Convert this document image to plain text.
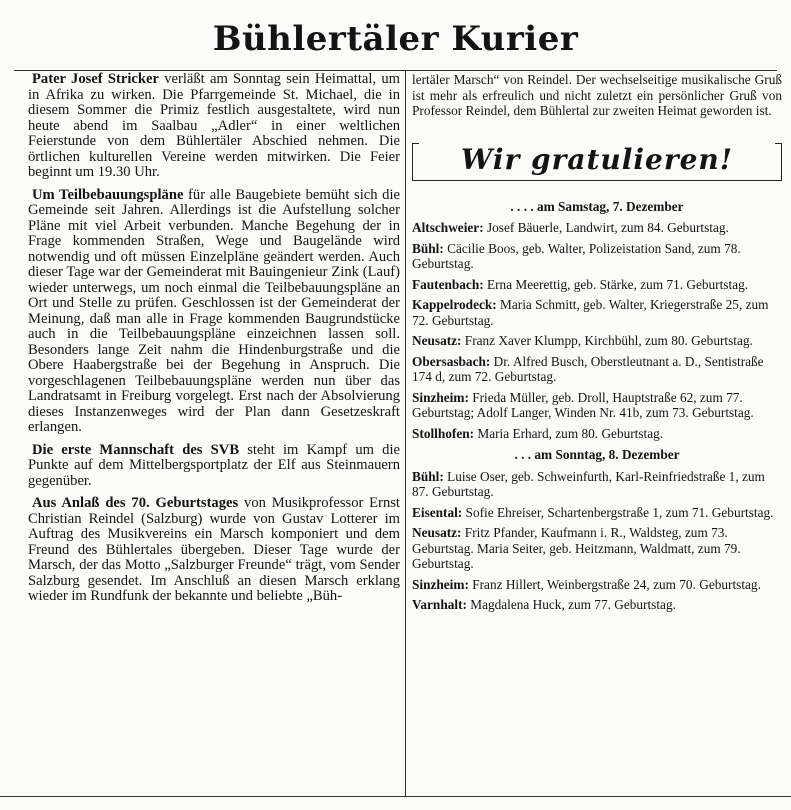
Bühlertäler Kurier

Pater Josef Stricker verläßt am Sonntag sein Heimattal, um in Afrika zu wirken. Die Pfarrgemeinde St. Michael, die in diesem Sommer die Primiz festlich ausgestaltete, wird nun heute abend im Saalbau „Adler“ in einer weltlichen Feierstunde von dem Bühlertäler Abschied nehmen. Die örtlichen kulturellen Vereine werden mitwirken. Die Feier beginnt um 19.30 Uhr.

Um Teilbebauungspläne für alle Baugebiete bemüht sich die Gemeinde seit Jahren. Allerdings ist die Aufstellung solcher Pläne mit viel Arbeit verbunden. Manche Begehung der in Frage kommenden Straßen, Wege und Baugelände wird notwendig und oft müssen Einzelpläne geändert werden. Auch dieser Tage war der Gemeinderat mit Bauingenieur Zink (Lauf) wieder unterwegs, um noch einmal die Teilbebauungspläne an Ort und Stelle zu prüfen. Geschlossen ist der Gemeinderat der Meinung, daß man alle in Frage kommenden Baugrundstücke auch in die Teilbebauungspläne einzeichnen lassen soll. Besonders lange Zeit nahm die Hindenburgstraße und die Obere Haabergstraße bei der Begehung in Anspruch. Die vorgeschlagenen Teilbebauungspläne werden nun über das Landratsamt in Freiburg vorgelegt. Erst nach der Absolvierung dieses Instanzenweges wird der Plan dann Gesetzeskraft erlangen.

Die erste Mannschaft des SVB steht im Kampf um die Punkte auf dem Mittelbergsportplatz der Elf aus Steinmauern gegenüber.

Aus Anlaß des 70. Geburtstages von Musikprofessor Ernst Christian Reindel (Salzburg) wurde von Gustav Lotterer im Auftrag des Musikvereins ein Marsch komponiert und dem Freund des Bühlertales übergeben. Dieser Tage wurde der Marsch, der das Motto „Salzburger Freunde“ trägt, vom Sender Salzburg gesendet. Im Anschluß an diesen Marsch erklang wieder im Rundfunk der bekannte und beliebte „Büh-

lertäler Marsch“ von Reindel. Der wechselseitige musikalische Gruß ist mehr als erfreulich und nicht zuletzt ein persönlicher Gruß von Professor Reindel, dem Bühlertal zur zweiten Heimat geworden ist.

Wir gratulieren!
. . . . am Samstag, 7. Dezember
Altschweier: Josef Bäuerle, Landwirt, zum 84. Geburtstag.
Bühl: Cäcilie Boos, geb. Walter, Polizeistation Sand, zum 78. Geburtstag.
Fautenbach: Erna Meerettig, geb. Stärke, zum 71. Geburtstag.
Kappelrodeck: Maria Schmitt, geb. Walter, Kriegerstraße 25, zum 72. Geburtstag.
Neusatz: Franz Xaver Klumpp, Kirchbühl, zum 80. Geburtstag.
Obersasbach: Dr. Alfred Busch, Oberstleutnant a. D., Sentistraße 174 d, zum 72. Geburtstag.
Sinzheim: Frieda Müller, geb. Droll, Hauptstraße 62, zum 77. Geburtstag; Adolf Langer, Winden Nr. 41b, zum 73. Geburtstag.
Stollhofen: Maria Erhard, zum 80. Geburtstag.
. . . am Sonntag, 8. Dezember
Bühl: Luise Oser, geb. Schweinfurth, Karl-Reinfriedstraße 1, zum 87. Geburtstag.
Eisental: Sofie Ehreiser, Schartenbergstraße 1, zum 71. Geburtstag.
Neusatz: Fritz Pfander, Kaufmann i. R., Waldsteg, zum 73. Geburtstag. Maria Seiter, geb. Heitzmann, Waldmatt, zum 79. Geburtstag.
Sinzheim: Franz Hillert, Weinbergstraße 24, zum 70. Geburtstag.
Varnhalt: Magdalena Huck, zum 77. Geburtstag.
